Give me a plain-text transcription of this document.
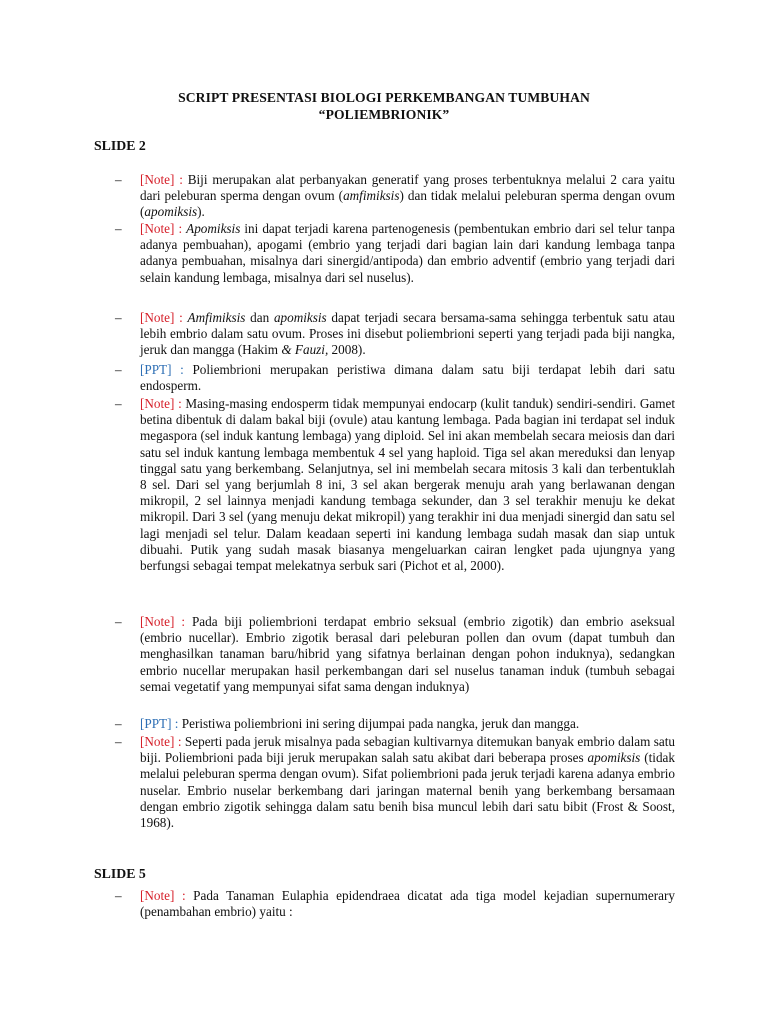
SCRIPT PRESENTASI BIOLOGI PERKEMBANGAN TUMBUHAN
“POLIEMBRIONIK”
SLIDE 2
– [Note] : Biji merupakan alat perbanyakan generatif yang proses terbentuknya melalui 2 cara yaitu dari peleburan sperma dengan ovum (amfimiksis) dan tidak melalui peleburan sperma dengan ovum (apomiksis).
– [Note] : Apomiksis ini dapat terjadi karena partenogenesis (pembentukan embrio dari sel telur tanpa adanya pembuahan), apogami (embrio yang terjadi dari bagian lain dari kandung lembaga tanpa adanya pembuahan, misalnya dari sinergid/antipoda) dan embrio adventif (embrio yang terjadi dari selain kandung lembaga, misalnya dari sel nuselus).
– [Note] : Amfimiksis dan apomiksis dapat terjadi secara bersama-sama sehingga terbentuk satu atau lebih embrio dalam satu ovum. Proses ini disebut poliembrioni seperti yang terjadi pada biji nangka, jeruk dan mangga (Hakim & Fauzi, 2008).
– [PPT] : Poliembrioni merupakan peristiwa dimana dalam satu biji terdapat lebih dari satu endosperm.
– [Note] : Masing-masing endosperm tidak mempunyai endocarp (kulit tanduk) sendiri-sendiri. Gamet betina dibentuk di dalam bakal biji (ovule) atau kantung lembaga. Pada bagian ini terdapat sel induk megaspora (sel induk kantung lembaga) yang diploid. Sel ini akan membelah secara meiosis dan dari satu sel induk kantung lembaga membentuk 4 sel yang haploid. Tiga sel akan mereduksi dan lenyap tinggal satu yang berkembang. Selanjutnya, sel ini membelah secara mitosis 3 kali dan terbentuklah 8 sel. Dari sel yang berjumlah 8 ini, 3 sel akan bergerak menuju arah yang berlawanan dengan mikropil, 2 sel lainnya menjadi kandung tembaga sekunder, dan 3 sel terakhir menuju ke dekat mikropil. Dari 3 sel (yang menuju dekat mikropil) yang terakhir ini dua menjadi sinergid dan satu sel lagi menjadi sel telur. Dalam keadaan seperti ini kandung lembaga sudah masak dan siap untuk dibuahi. Putik yang sudah masak biasanya mengeluarkan cairan lengket pada ujungnya yang berfungsi sebagai tempat melekatnya serbuk sari (Pichot et al, 2000).
– [Note] : Pada biji poliembrioni terdapat embrio seksual (embrio zigotik) dan embrio aseksual (embrio nucellar). Embrio zigotik berasal dari peleburan pollen dan ovum (dapat tumbuh dan menghasilkan tanaman baru/hibrid yang sifatnya berlainan dengan pohon induknya), sedangkan embrio nucellar merupakan hasil perkembangan dari sel nuselus tanaman induk (tumbuh sebagai semai vegetatif yang mempunyai sifat sama dengan induknya)
– [PPT] : Peristiwa poliembrioni ini sering dijumpai pada nangka, jeruk dan mangga.
– [Note] : Seperti pada jeruk misalnya pada sebagian kultivarnya ditemukan banyak embrio dalam satu biji. Poliembrioni pada biji jeruk merupakan salah satu akibat dari beberapa proses apomiksis (tidak melalui peleburan sperma dengan ovum). Sifat poliembrioni pada jeruk terjadi karena adanya embrio nuselar. Embrio nuselar berkembang dari jaringan maternal benih yang berkembang bersamaan dengan embrio zigotik sehingga dalam satu benih bisa muncul lebih dari satu bibit (Frost & Soost, 1968).
SLIDE 5
– [Note] : Pada Tanaman Eulaphia epidendraea dicatat ada tiga model kejadian supernumerary (penambahan embrio) yaitu :
